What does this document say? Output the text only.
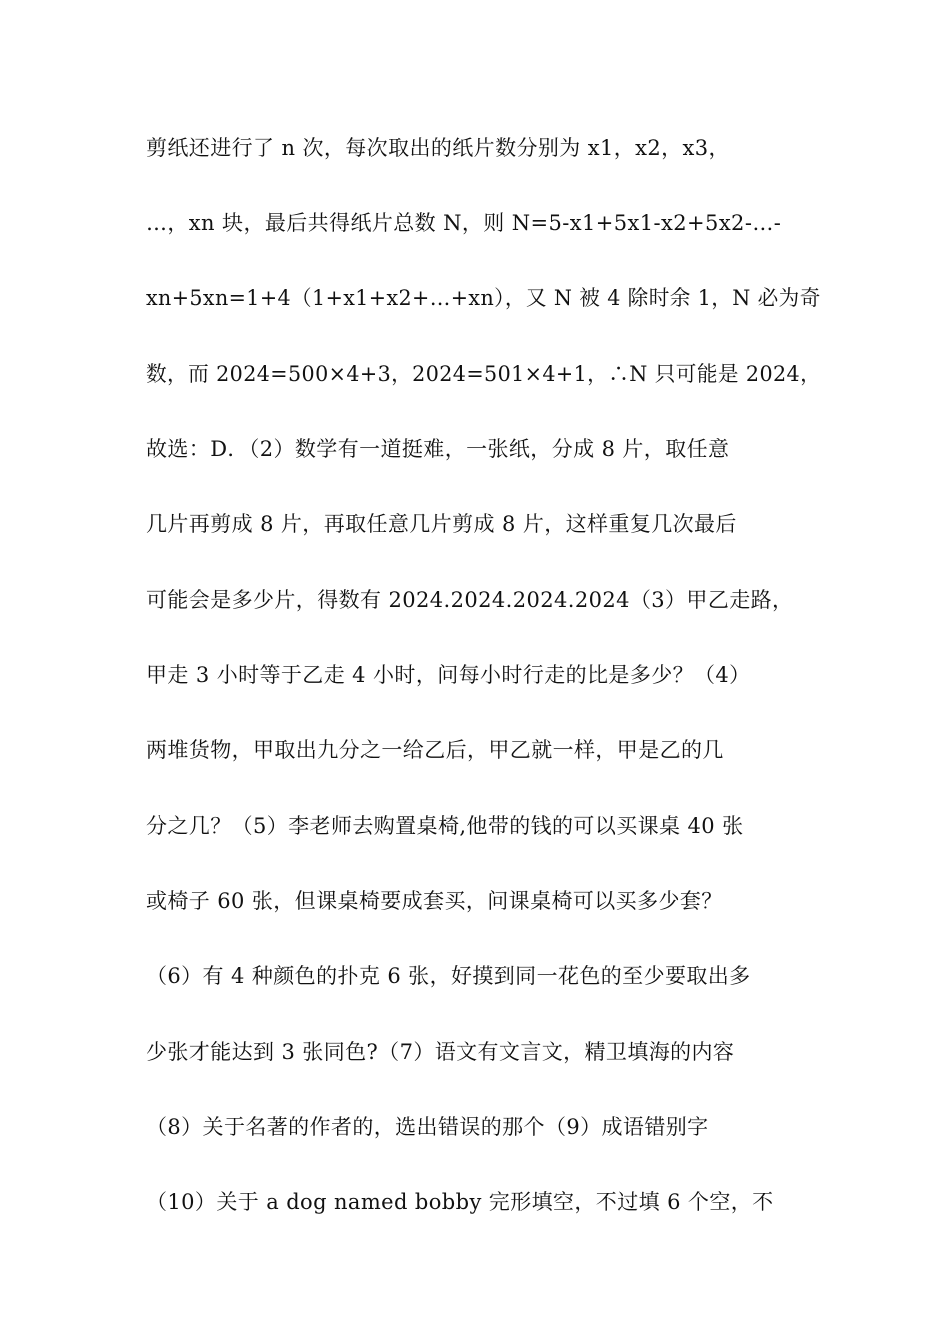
剪纸还进行了 n 次，每次取出的纸片数分别为 x1，x2，x3，
…，xn 块，最后共得纸片总数 N，则 N=5-x1+5x1-x2+5x2-…-
xn+5xn=1+4（1+x1+x2+…+xn），又 N 被 4 除时余 1，N 必为奇
数，而 2024=500×4+3，2024=501×4+1，∴N 只可能是 2024，
故选：D．（2）数学有一道挺难，一张纸，分成 8 片，取任意
几片再剪成 8 片，再取任意几片剪成 8 片，这样重复几次最后
可能会是多少片，得数有 2024.2024.2024.2024（3）甲乙走路，
甲走 3 小时等于乙走 4 小时，问每小时行走的比是多少？（4）
两堆货物，甲取出九分之一给乙后，甲乙就一样，甲是乙的几
分之几？（5）李老师去购置桌椅,他带的钱的可以买课桌 40 张
或椅子 60 张，但课桌椅要成套买，问课桌椅可以买多少套？
（6）有 4 种颜色的扑克 6 张，好摸到同一花色的至少要取出多
少张才能达到 3 张同色?（7）语文有文言文，精卫填海的内容
（8）关于名著的作者的，选出错误的那个（9）成语错别字
（10）关于 a dog named bobby 完形填空，不过填 6 个空，不
